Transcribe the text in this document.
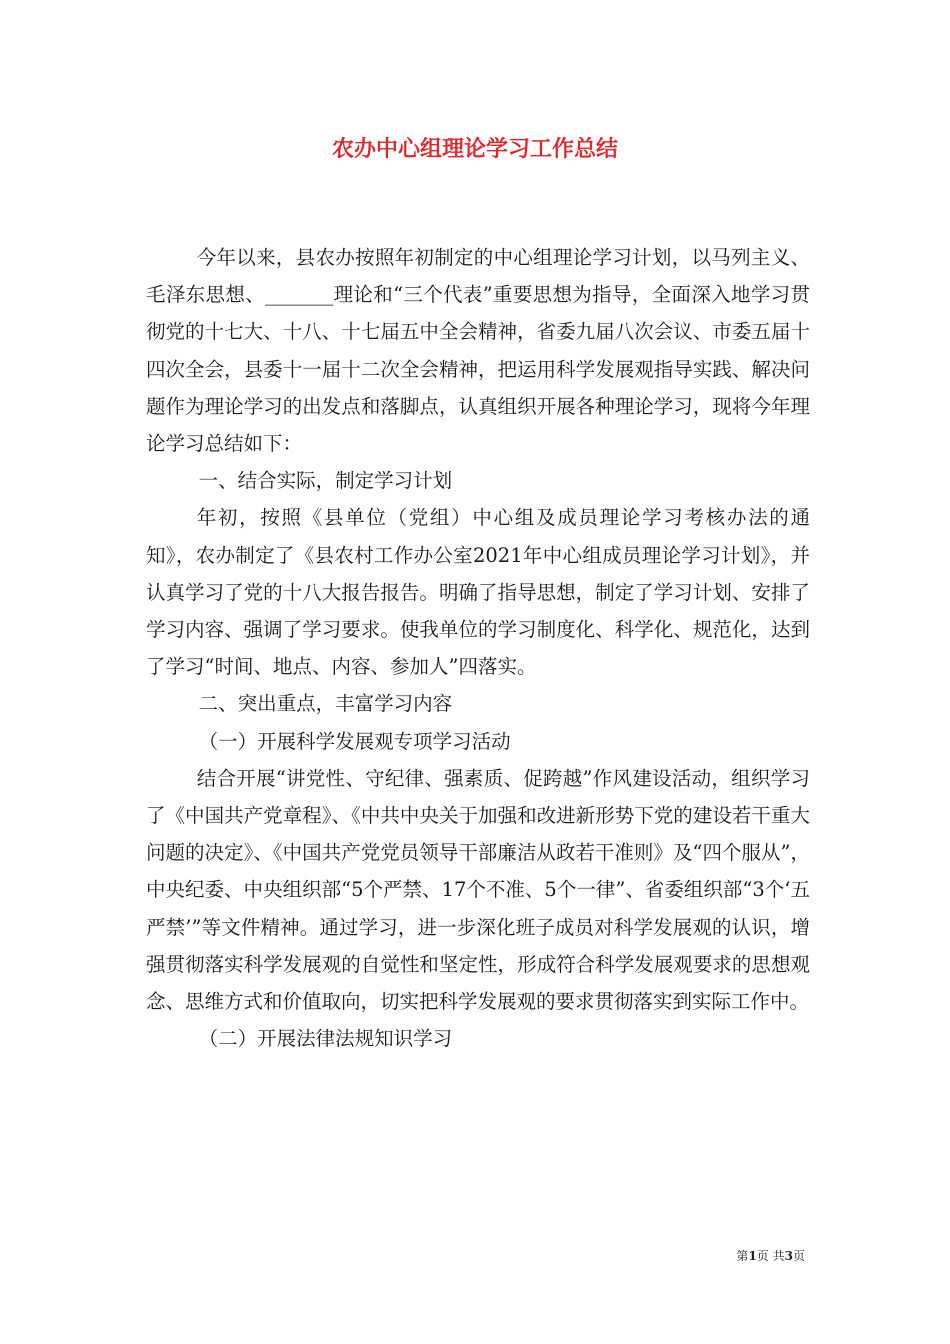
农办中心组理论学习工作总结

今年以来，县农办按照年初制定的中心组理论学习计划，以马列主义、毛泽东思想、_______理论和“三个代表”重要思想为指导，全面深入地学习贯彻党的十七大、十八、十七届五中全会精神，省委九届八次会议、市委五届十四次全会，县委十一届十二次全会精神，把运用科学发展观指导实践、解决问题作为理论学习的出发点和落脚点，认真组织开展各种理论学习，现将今年理论学习总结如下：

一、结合实际，制定学习计划

年初，按照《县单位（党组）中心组及成员理论学习考核办法的通知》，农办制定了《县农村工作办公室2021年中心组成员理论学习计划》，并认真学习了党的十八大报告报告。明确了指导思想，制定了学习计划、安排了学习内容、强调了学习要求。使我单位的学习制度化、科学化、规范化，达到了学习“时间、地点、内容、参加人”四落实。

二、突出重点，丰富学习内容

（一）开展科学发展观专项学习活动

结合开展“讲党性、守纪律、强素质、促跨越”作风建设活动，组织学习了《中国共产党章程》、《中共中央关于加强和改进新形势下党的建设若干重大问题的决定》、《中国共产党党员领导干部廉洁从政若干准则》及“四个服从”，中央纪委、中央组织部“5个严禁、17个不准、5个一律”、省委组织部“3个‘五严禁’”等文件精神。通过学习，进一步深化班子成员对科学发展观的认识，增强贯彻落实科学发展观的自觉性和坚定性，形成符合科学发展观要求的思想观念、思维方式和价值取向，切实把科学发展观的要求贯彻落实到实际工作中。

（二）开展法律法规知识学习

第1页 共3页
